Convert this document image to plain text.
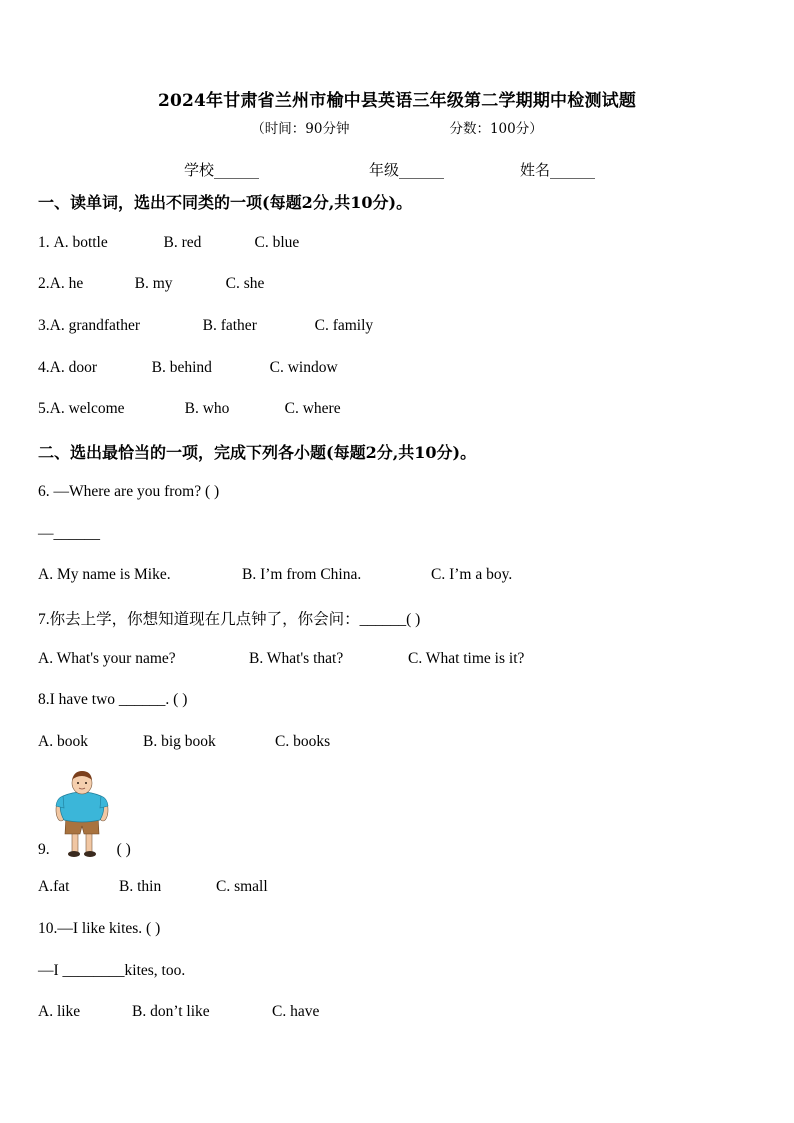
2024年甘肃省兰州市榆中县英语三年级第二学期期中检测试题
（时间：90分钟	分数：100分）
学校______	年级______	姓名______
一、读单词，选出不同类的一项(每题2分,共10分)。
1. A. bottle	B. red	C. blue
2.A. he	B. my	C. she
3.A. grandfather	B. father	C. family
4.A. door	B. behind	C. window
5.A. welcome	B. who	C. where
二、选出最恰当的一项，完成下列各小题(每题2分,共10分)。
6. —Where are you from? ( )
—______
A. My name is Mike.	B. I’m from China.	C. I’m a boy.
7.你去上学，你想知道现在几点钟了，你会问：______( )
A. What's your name?	B. What's that?	C. What time is it?
8.I have two ______. ( )
A. book	B. big book	C. books
9.	( )
A.fat	B. thin	C. small
10.—I like kites. ( )
—I ________kites, too.
A. like	B. don’t like	C. have
